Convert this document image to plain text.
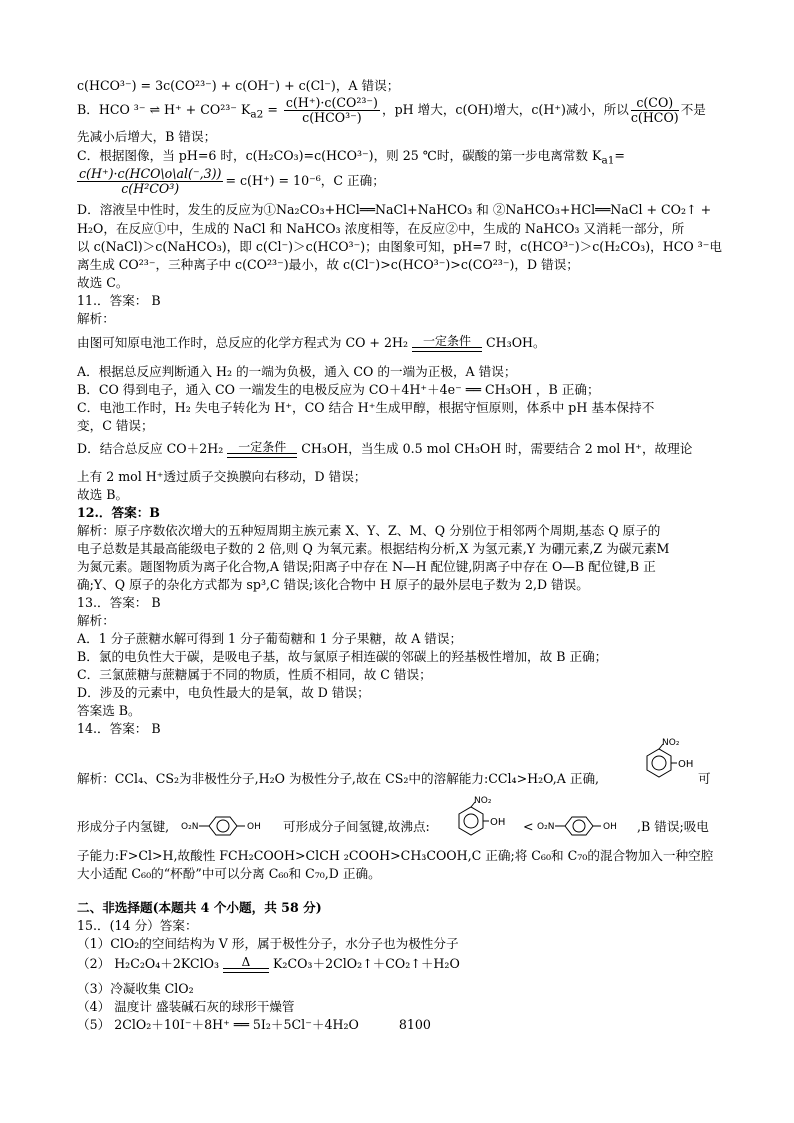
c(HCO³⁻) = 3c(CO²³⁻) + c(OH⁻) + c(Cl⁻)，A 错误；
B．HCO ³⁻ ⇌ H⁺ + CO²³⁻ $K_{a2} = \frac{\text{c(H⁺)·c(CO²³⁻)}}{\text{c(HCO³⁻)}}$ ，pH 增大，c(OH)增大，c(H⁺)减小，所以 $\frac{c(CO)}{\text{c(HCO)}}$ 不是
先减小后增大，B 错误；
C．根据图像，当 pH=6 时，c(H₂CO₃)=c(HCO³⁻)，则 25 ℃时，碳酸的第一步电离常数 $K_{a1}=$
$\frac{\text{c(H⁺)·c(HCO\textbackslash{}o\textbackslash{}al(⁻,3))}}{\text{c(H²CO³)}} = c(H^+) = 10^{-6}$，C 正确；
D．溶液呈中性时，发生的反应为①Na₂CO₃+HCl══NaCl+NaHCO₃ 和 ②NaHCO₃+HCl══NaCl + CO₂↑ +
H₂O，在反应①中，生成的 NaCl 和 NaHCO₃ 浓度相等，在反应②中，生成的 NaHCO₃ 又消耗一部分，所
以 c(NaCl)＞c(NaHCO₃)，即 c(Cl⁻)＞c(HCO³⁻)；由图象可知，pH=7 时，c(HCO³⁻)＞c(H₂CO₃)，HCO ³⁻电
离生成 CO²³⁻，三种离子中 c(CO²³⁻)最小，故 c(Cl⁻)>c(HCO³⁻)>c(CO²³⁻)，D 错误；
故选 C。
11.．答案： B
解析：
由图可知原电池工作时，总反应的化学方程式为 CO + 2H₂	一定条件	CH₃OH。
A．根据总反应判断通入 H₂ 的一端为负极，通入 CO 的一端为正极，A 错误；
B．CO 得到电子，通入 CO 一端发生的电极反应为 CO＋4H⁺＋4e⁻ ══ CH₃OH ，B 正确；
C．电池工作时，H₂ 失电子转化为 H⁺，CO 结合 H⁺生成甲醇，根据守恒原则，体系中 pH 基本保持不
变，C 错误；
D．结合总反应 CO＋2H₂	一定条件	CH₃OH，当生成 0.5 mol CH₃OH 时，需要结合 2 mol H⁺，故理论
上有 2 mol H⁺透过质子交换膜向右移动，D 错误；
故选 B。
12.．答案：B
解析：原子序数依次增大的五种短周期主族元素 X、Y、Z、M、Q 分别位于相邻两个周期,基态 Q 原子的
电子总数是其最高能级电子数的 2 倍,则 Q 为氧元素。根据结构分析,X 为氢元素,Y 为硼元素,Z 为碳元素M
为氮元素。题图物质为离子化合物,A 错误;阳离子中存在 N—H 配位键,阴离子中存在 O—B 配位键,B 正
确;Y、Q 原子的杂化方式都为 sp³,C 错误;该化合物中 H 原子的最外层电子数为 2,D 错误。
13.．答案： B
解析：
A．1 分子蔗糖水解可得到 1 分子葡萄糖和 1 分子果糖，故 A 错误；
B．氯的电负性大于碳，是吸电子基，故与氯原子相连碳的邻碳上的羟基极性增加，故 B 正确；
C．三氯蔗糖与蔗糖属于不同的物质，性质不相同，故 C 错误；
D．涉及的元素中，电负性最大的是氧，故 D 错误；
答案选 B。
14.．答案： B
解析：CCl₄、CS₂为非极性分子,H₂O 为极性分子,故在 CS₂中的溶解能力:CCl₄>H₂O,A 正确,
NO₂
OH
可
形成分子内氢键, O₂N	OH 可形成分子间氢键,故沸点:
NO₂
OH < O₂N	OH ,B 错误;吸电
子能力:F>Cl>H,故酸性 FCH₂COOH>ClCH ₂COOH>CH₃COOH,C 正确;将 C₆₀和 C₇₀的混合物加入一种空腔
大小适配 C₆₀的“杯酚”中可以分离 C₆₀和 C₇₀,D 正确。
二、非选择题(本题共 4 个小题，共 58 分)
15.．(14 分）答案：
（1）ClO₂的空间结构为 V 形，属于极性分子，水分子也为极性分子
（2） H₂C₂O₄＋2KClO₃	Δ	K₂CO₃＋2ClO₂↑＋CO₂↑＋H₂O
（3）冷凝收集 ClO₂
（4） 温度计 盛装碱石灰的球形干燥管
（5） 2ClO₂＋10I⁻＋8H⁺ ══ 5I₂＋5Cl⁻＋4H₂O	8100
